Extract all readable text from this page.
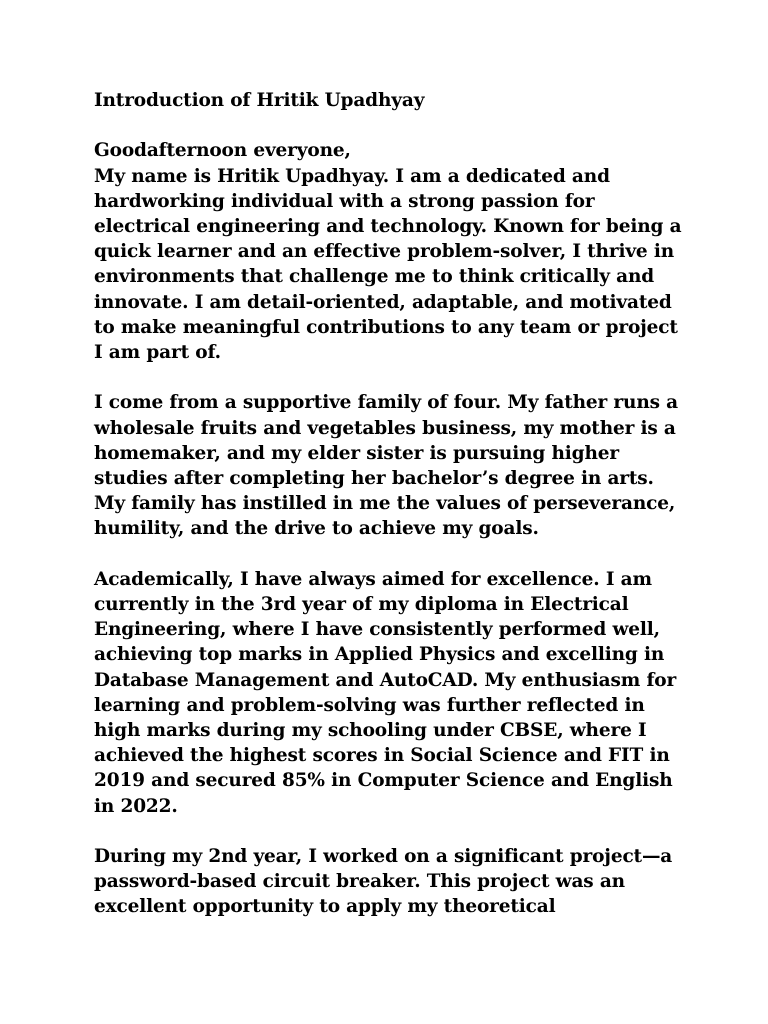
Introduction of Hritik Upadhyay

Goodafternoon everyone,

My name is Hritik Upadhyay. I am a dedicated and hardworking individual with a strong passion for electrical engineering and technology. Known for being a quick learner and an effective problem-solver, I thrive in environments that challenge me to think critically and innovate. I am detail-oriented, adaptable, and motivated to make meaningful contributions to any team or project I am part of.

I come from a supportive family of four. My father runs a wholesale fruits and vegetables business, my mother is a homemaker, and my elder sister is pursuing higher studies after completing her bachelor’s degree in arts. My family has instilled in me the values of perseverance, humility, and the drive to achieve my goals.

Academically, I have always aimed for excellence. I am currently in the 3rd year of my diploma in Electrical Engineering, where I have consistently performed well, achieving top marks in Applied Physics and excelling in Database Management and AutoCAD. My enthusiasm for learning and problem-solving was further reflected in high marks during my schooling under CBSE, where I achieved the highest scores in Social Science and FIT in 2019 and secured 85% in Computer Science and English in 2022.

During my 2nd year, I worked on a significant project—a password-based circuit breaker. This project was an excellent opportunity to apply my theoretical
